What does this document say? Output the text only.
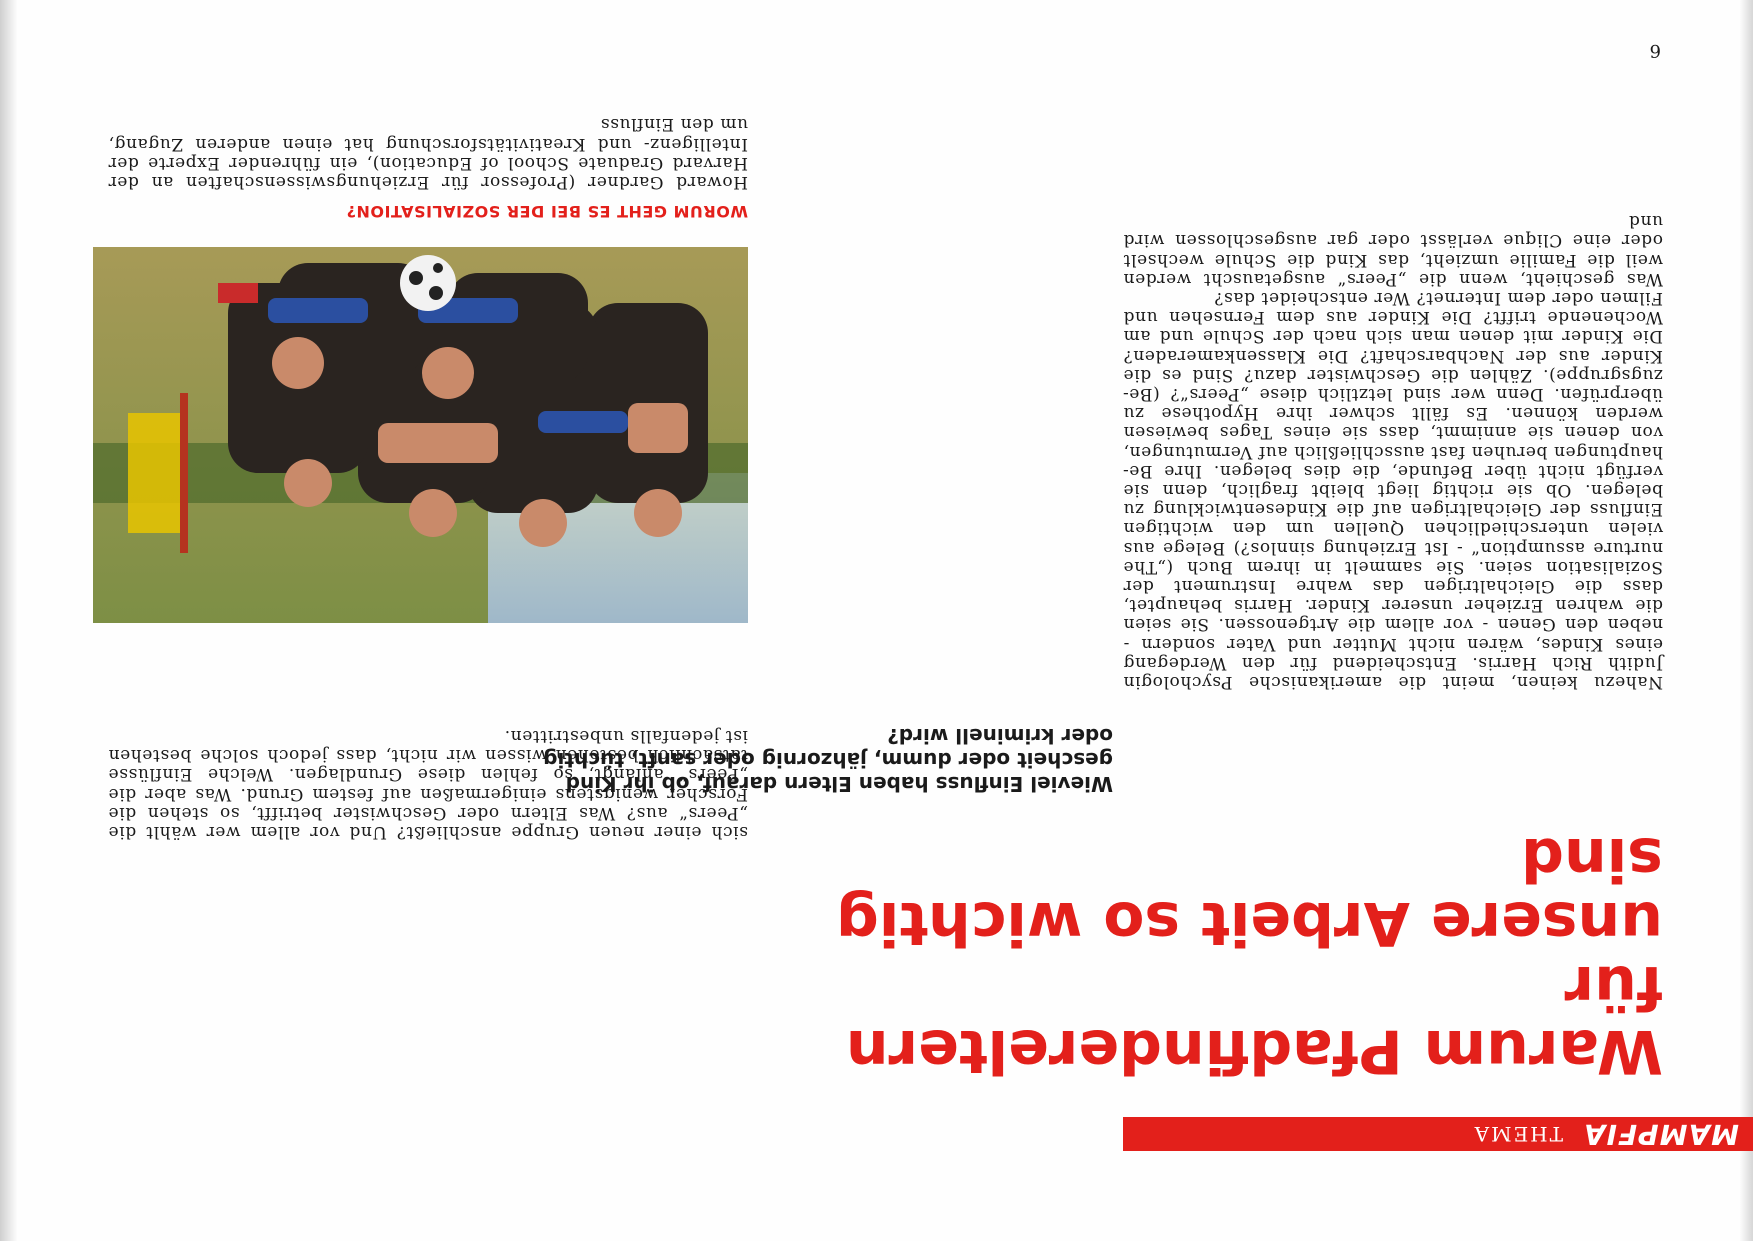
MAMPFIA
THEMA
Warum Pfadfindereltern für
unsere Arbeit so wichtig sind
Wieviel Einfluss haben Eltern darauf, ob ihr Kind gescheit oder dumm, jähzornig oder sanft, tüchtig oder kriminell wird?

Nahezu keinen, meint die amerikanische Psychologin Judith Rich Harris. Entscheidend für den Werdegang eines Kindes, wären nicht Mutter und Vater sondern - neben den Genen - vor allem die Artgenossen. Sie seien die wahren Erzieher unserer Kinder. Harris behauptet, dass die Gleichaltrigen das wahre Instrument der Sozialisation seien. Sie sammelt in ihrem Buch („The nurture assumption“ - Ist Erziehung sinnlos?) Belege aus vielen unterschiedlichen Quellen um den wichtigen Einfluss der Gleichaltrigen auf die Kindesentwicklung zu belegen. Ob sie richtig liegt bleibt fraglich, denn sie verfügt nicht über Befunde, die dies belegen. Ihre Behauptungen beruhen fast ausschließlich auf Vermutungen, von denen sie annimmt, dass sie eines Tages bewiesen werden können. Es fällt schwer ihre Hypothese zu überprüfen. Denn wer sind letztlich diese „Peers“? (Bezugsgruppe). Zählen die Geschwister dazu? Sind es die Kinder aus der Nachbarschaft? Die Klassenkameraden? Die Kinder mit denen man sich nach der Schule und am Wochenende trifft? Die Kinder aus dem Fernsehen und Filmen oder dem Internet? Wer entscheidet das?

Was geschieht, wenn die „Peers“ ausgetauscht werden weil die Familie umzieht, das Kind die Schule wechselt oder eine Clique verlässt oder gar ausgeschlossen wird und

sich einer neuen Gruppe anschließt? Und vor allem wer wählt die „Peers“ aus? Was Eltern oder Geschwister betrifft, so stehen die Forscher wenigstens einigermaßen auf festem Grund. Was aber die „Peers“ anlangt, so fehlen diese Grundlagen. Welche Einflüsse tatsächlich bestehen wissen wir nicht, dass jedoch solche bestehen ist jedenfalls unbestritten.

WORUM GEHT ES BEI DER SOZIALISATION?

Howard Gardner (Professor für Erziehungswissenschaften an der Harvard Graduate School of Education), ein führender Experte der Intelligenz- und Kreativitätsforschung hat einen anderen Zugang, um den Einfluss

6
